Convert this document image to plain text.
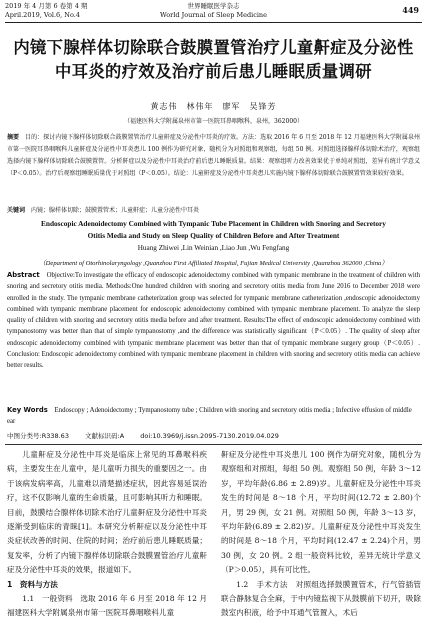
2019 年 4 月第 6 卷第 4 期
April.2019, Vol.6, No.4
世界睡眠医学杂志
World Journal of Sleep Medicine	449
内镜下腺样体切除联合鼓膜置管治疗儿童鼾症及分泌性
中耳炎的疗效及治疗前后患儿睡眠质量调研
黄志伟　林伟年　廖军　吴锋芳
（福建医科大学附属泉州市第一医院耳鼻咽喉科，泉州，362000）
摘要　 目的：探讨内镜下腺样体切除联合鼓膜置管治疗儿童鼾症及分泌性中耳炎的疗效。方法：选取 2016 年 6 月至 2018 年 12 月福建医科大学附属泉州市第一医院耳鼻咽喉科儿童鼾症及分泌性中耳炎患儿 100 例作为研究对象，随机分为对照组和观察组，每组 50 例。对照组选择腺样体切除术治疗，观察组选择内镜下腺样体切除联合鼓膜置管。分析鼾症以及分泌性中耳炎治疗前后患儿睡眠质量。结果：观察组听力改善效果优于单纯对照组，差异有统计学意义（P＜0.05）。治疗后观察组睡眠质量优于对照组（P＜0.05）。结论：儿童鼾症及分泌性中耳炎患儿实施内镜下腺样体切除联合鼓膜置管效果较好效果。
关键词　 内镜；腺样体切除；鼓膜置管术；儿童鼾症；儿童分泌性中耳炎
Endoscopic Adenoidectomy Combined with Tympanic Tube Placement in Children with Snoring and Secretory
Otitis Media and Study on Sleep Quality of Children Before and After Treatment
Huang Zhiwei ,Lin Weinian ,Liao Jun ,Wu Fengfang
（Department of Otorhinolaryngology ,Quanzhou First Affiliated Hospital, Fujian Medical University ,Quanzhou 362000 ,China）
Abstract　 Objective:To investigate the efficacy of endoscopic adenoidectomy combined with tympanic membrane in the treatment of children with snoring and secretory otitis media. Methods:One hundred children with snoring and secretory otitis media from June 2016 to December 2018 were enrolled in the study. The tympanic membrane catheterization group was selected for tympanic membrane catheterization ,endoscopic adenoidectomy combined with tympanic membrane placement for endoscopic adenoidectomy combined with tympanic membrane placement. To analyze the sleep quality of children with snoring and secretory otitis media before and after treatment. Results:The effect of endoscopic adenoidectomy combined with tympanostomy was better than that of simple tympanostomy ,and the difference was statistically significant（P＜0.05）. The quality of sleep after endoscopic adenoidectomy combined with tympanic membrane placement was better than that of tympanic membrane surgery group（P＜0.05）. Conclusion: Endoscopic adenoidectomy combined with tympanic membrane placement in children with snoring and secretory otitis media can achieve better results.
Key Words　 Endoscopy ; Adenoidectomy ; Tympanostomy tube ; Children with snoring and secretory otitis media ; Infective effusion of middle ear
中图分类号:R338.63 文献标识码:A doi:10.3969/j.issn.2095-7130.2019.04.029

儿童鼾症及分泌性中耳炎是临床上常见的耳鼻喉科疾病，主要发生在儿童中，是儿童听力损失的重要因之一。由于该病发病率高，儿童难以清楚描述症状，因此容易延误治疗，这不仅影响儿童的生命质量，且可影响其听力和睡眠。目前，鼓膜结合腺样体切除术治疗儿童鼾症及分泌性中耳炎逐渐受到临床的青睐[1]。本研究分析鼾症以及分泌性中耳炎症状改善的时间、住院的时间；治疗前后患儿睡眠质量；复发率，分析了内镜下腺样体切除联合鼓膜置管治疗儿童鼾症及分泌性中耳炎的效果，报道如下。

1　资料与方法

1.1　一般资料　选取 2016 年 6 月至 2018 年 12 月福建医科大学附属泉州市第一医院耳鼻咽喉科儿童

鼾症及分泌性中耳炎患儿 100 例作为研究对象，随机分为观察组和对照组，每组 50 例。观察组 50 例，年龄 3～12 岁，平均年龄(6.86 ± 2.89)岁。儿童鼾症及分泌性中耳炎发生的时间是 8～18 个月，平均时间(12.72 ± 2.80)个月，男 29 例，女 21 例。对照组 50 例，年龄 3～13 岁，平均年龄(6.89 ± 2.82)岁。儿童鼾症及分泌性中耳炎发生的时间是 8～18 个月，平均时间(12.47 ± 2.24)个月，男 30 例，女 20 例。2 组一般资料比较，差异无统计学意义（P＞0.05），具有可比性。

1.2　手术方法　对照组选择鼓膜置管术，行气管插管联合静脉复合全麻，于中内镜监视下从鼓膜前下切开，吸除鼓室内积液，给予中耳通气管置入，术后
